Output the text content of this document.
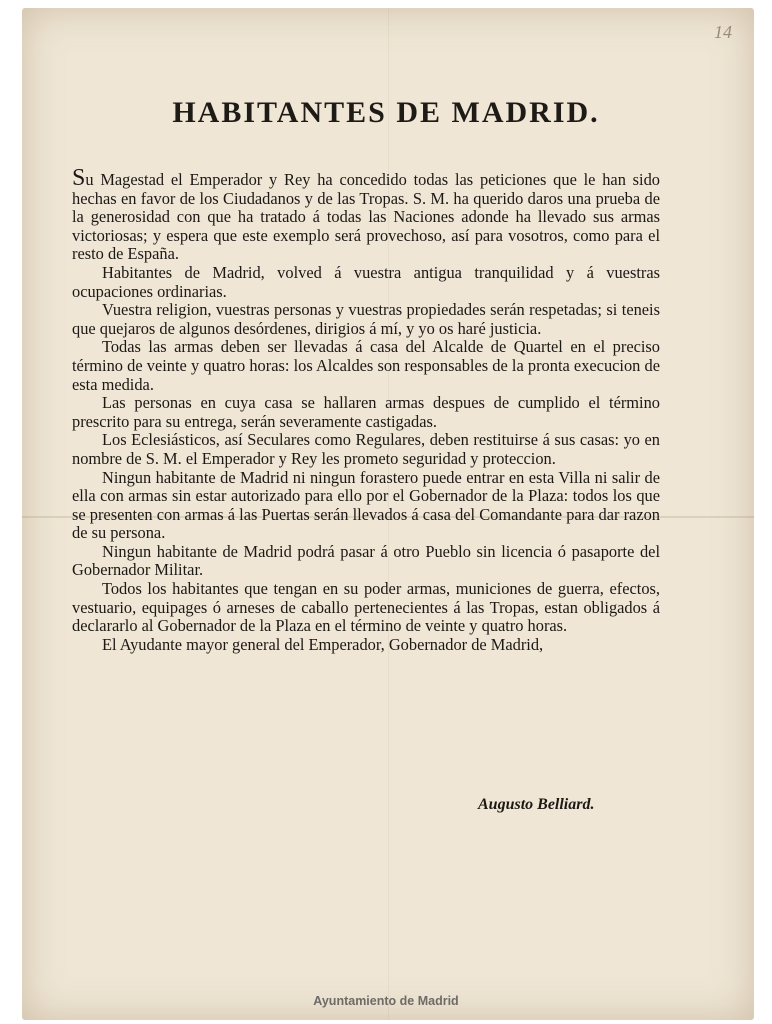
14
HABITANTES DE MADRID.

Su Magestad el Emperador y Rey ha concedido todas las peticiones que le han sido hechas en favor de los Ciudadanos y de las Tropas. S. M. ha querido daros una prueba de la generosidad con que ha tratado á todas las Naciones adonde ha llevado sus armas victoriosas; y espera que este exemplo será provechoso, así para vosotros, como para el resto de España.

Habitantes de Madrid, volved á vuestra antigua tranquilidad y á vuestras ocupaciones ordinarias.

Vuestra religion, vuestras personas y vuestras propiedades serán respetadas; si teneis que quejaros de algunos desórdenes, dirigios á mí, y yo os haré justicia.

Todas las armas deben ser llevadas á casa del Alcalde de Quartel en el preciso término de veinte y quatro horas: los Alcaldes son responsables de la pronta execucion de esta medida.

Las personas en cuya casa se hallaren armas despues de cumplido el término prescrito para su entrega, serán severamente castigadas.

Los Eclesiásticos, así Seculares como Regulares, deben restituirse á sus casas: yo en nombre de S. M. el Emperador y Rey les prometo seguridad y proteccion.

Ningun habitante de Madrid ni ningun forastero puede entrar en esta Villa ni salir de ella con armas sin estar autorizado para ello por el Gobernador de la Plaza: todos los que se presenten con armas á las Puertas serán llevados á casa del Comandante para dar razon de su persona.

Ningun habitante de Madrid podrá pasar á otro Pueblo sin licencia ó pasaporte del Gobernador Militar.

Todos los habitantes que tengan en su poder armas, municiones de guerra, efectos, vestuario, equipages ó arneses de caballo pertenecientes á las Tropas, estan obligados á declararlo al Gobernador de la Plaza en el término de veinte y quatro horas.

El Ayudante mayor general del Emperador, Gobernador de Madrid,

Augusto Belliard.
Ayuntamiento de Madrid
